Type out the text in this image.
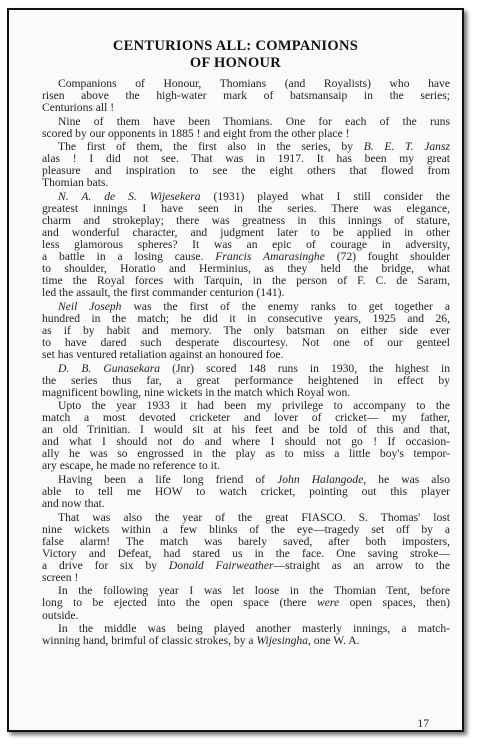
CENTURIONS ALL: COMPANIONS
OF HONOUR
Companions of Honour, Thomians (and Royalists) who have
risen above the high-water mark of batsmansaip in the series;
Centurions all !
Nine of them have been Thomians. One for each of the runs
scored by our opponents in 1885 ! and eight from the other place !
The first of them, the first also in the series, by B. E. T. Jansz
alas ! I did not see. That was in 1917. It has been my great
pleasure and inspiration to see the eight others that flowed from
Thomian bats.
N. A. de S. Wijesekera (1931) played what I still consider the
greatest innings I have seen in the series. There was elegance,
charm and strokeplay; there was greatness in this innings of stature,
and wonderful character, and judgment later to be applied in other
less glamorous spheres? It was an epic of courage in adversity,
a battle in a losing cause. Francis Amarasinghe (72) fought shoulder
to shoulder, Horatio and Herminius, as they held the bridge, what
time the Royal forces with Tarquin, in the person of F. C. de Saram,
led the assault, the first commander centurion (141).
Neil Joseph was the first of the enemy ranks to get together a
hundred in the match; he did it in consecutive years, 1925 and 26,
as if by habit and memory. The only batsman on either side ever
to have dared such desperate discourtesy. Not one of our genteel
set has ventured retaliation against an honoured foe.
D. B. Gunasekara (Jnr) scored 148 runs in 1930, the highest in
the series thus far, a great performance heightened in effect by
magnificent bowling, nine wickets in the match which Royal won.
Upto the year 1933 it had been my privilege to accompany to the
match a most devoted cricketer and lover of cricket— my father,
an old Trinitian. I would sit at his feet and be told of this and that,
and what I should not do and where I should not go ! If occasion-
ally he was so engrossed in the play as to miss a little boy's tempor-
ary escape, he made no reference to it.
Having been a life long friend of John Halangode, he was also
able to tell me HOW to watch cricket, pointing out this player
and now that.
That was also the year of the great FIASCO. S. Thomas' lost
nine wickets within a few blinks of the eye—tragedy set off by a
false alarm! The match was barely saved, after both imposters,
Victory and Defeat, had stared us in the face. One saving stroke—
a drive for six by Donald Fairweather—straight as an arrow to the
screen !
In the following year I was let loose in the Thomian Tent, before
long to be ejected into the open space (there were open spaces, then)
outside.
In the middle was being played another masterly innings, a match-
winning hand, brimful of classic strokes, by a Wijesingha, one W. A.
17
